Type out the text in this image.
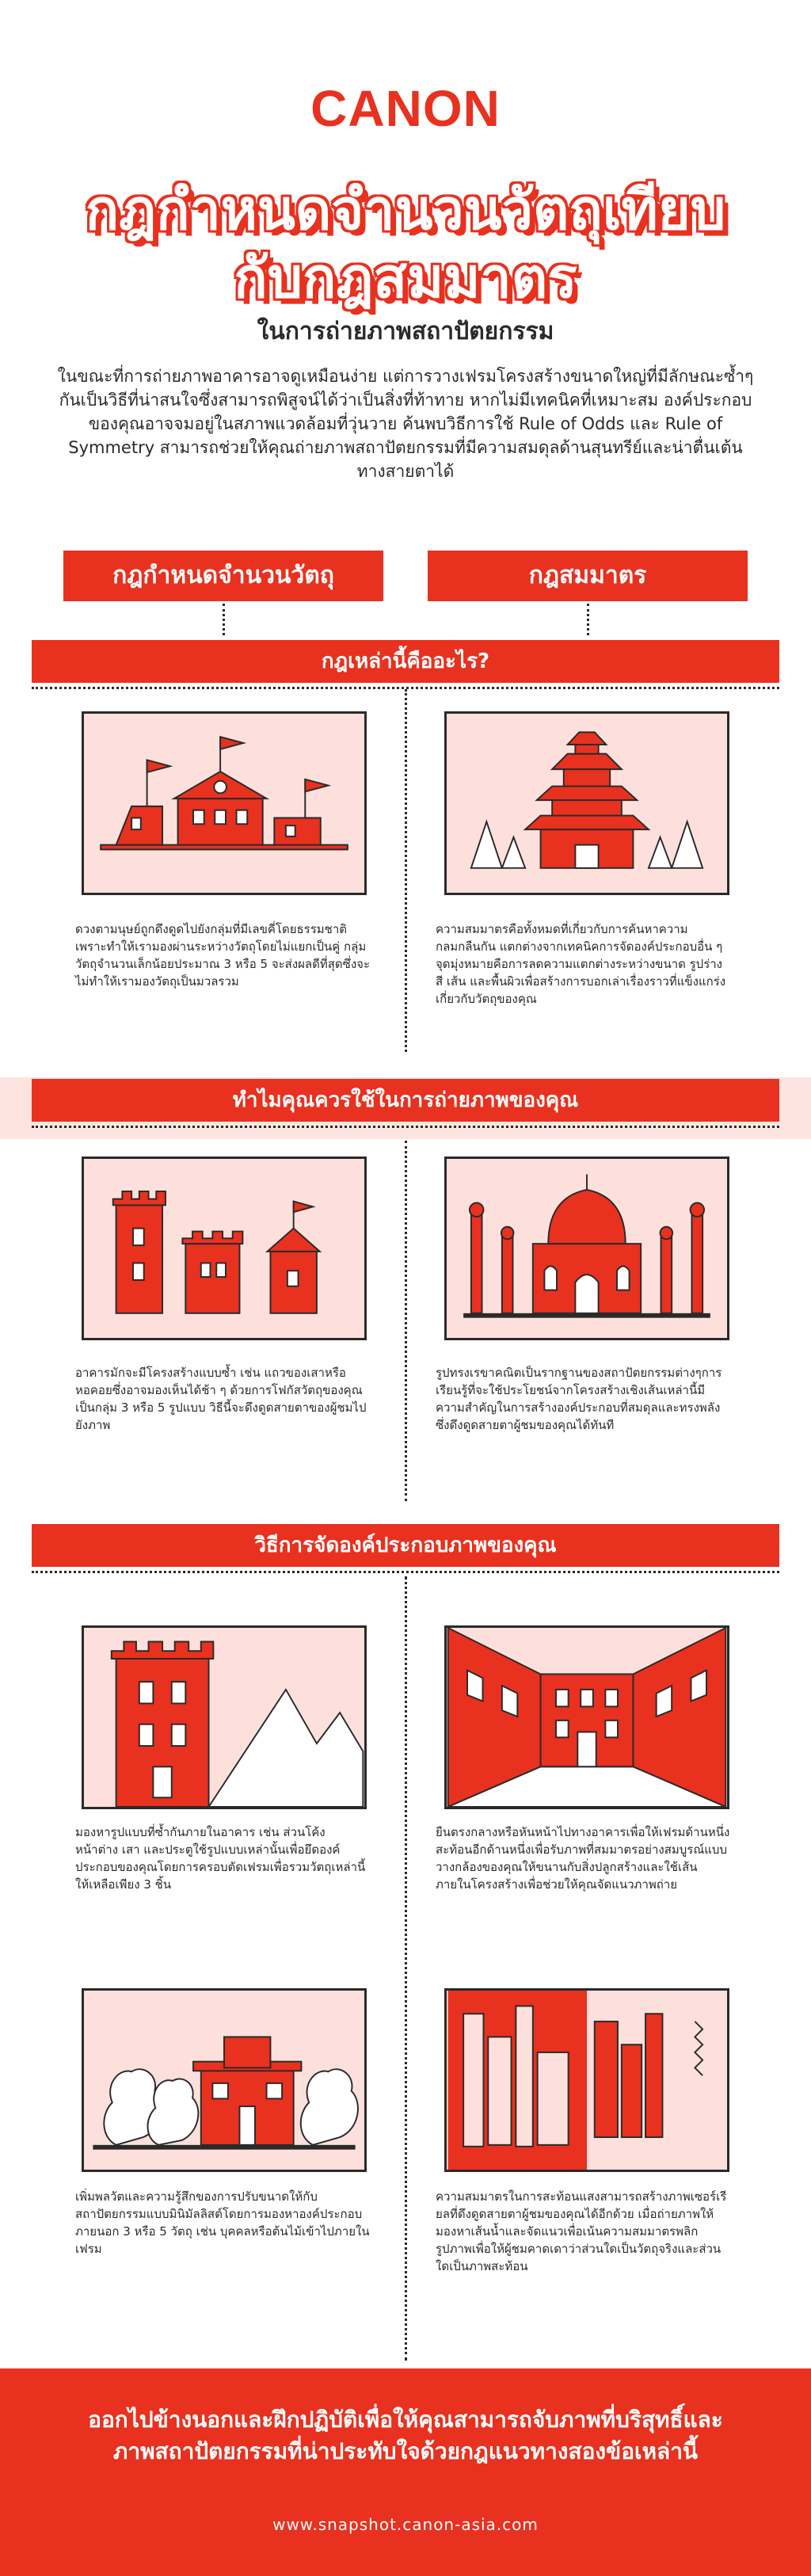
CANON
กฎกำหนดจำนวนวัตถุเทียบ
กับกฎสมมาตร
ในการถ่ายภาพสถาปัตยกรรม
ในขณะที่การถ่ายภาพอาคารอาจดูเหมือนง่าย แต่การวางเฟรมโครงสร้างขนาดใหญ่ที่มีลักษณะซ้ำๆ กันเป็นวิธีที่น่าสนใจซึ่งสามารถพิสูจน์ได้ว่าเป็นสิ่งที่ท้าทาย หากไม่มีเทคนิคที่เหมาะสม องค์ประกอบของคุณอาจจมอยู่ในสภาพแวดล้อมที่วุ่นวาย ค้นพบวิธีการใช้ Rule of Odds และ Rule of Symmetry สามารถช่วยให้คุณถ่ายภาพสถาปัตยกรรมที่มีความสมดุลด้านสุนทรีย์และน่าตื่นเต้นทางสายตาได้
กฎกำหนดจำนวนวัตถุ	กฎสมมาตร
กฎเหล่านี้คืออะไร?
ดวงตามนุษย์ถูกดึงดูดไปยังกลุ่มที่มีเลขคี่โดยธรรมชาติเพราะทำให้เรามองผ่านระหว่างวัตถุโดยไม่แยกเป็นคู่ กลุ่มวัตถุจำนวนเล็กน้อยประมาณ 3 หรือ 5 จะส่งผลดีที่สุดซึ่งจะไม่ทำให้เรามองวัตถุเป็นมวลรวม
ความสมมาตรคือทั้งหมดที่เกี่ยวกับการค้นหาความกลมกลืนกัน แตกต่างจากเทคนิคการจัดองค์ประกอบอื่น ๆ จุดมุ่งหมายคือการลดความแตกต่างระหว่างขนาด รูปร่าง สี เส้น และพื้นผิวเพื่อสร้างการบอกเล่าเรื่องราวที่แข็งแกร่งเกี่ยวกับวัตถุของคุณ
ทำไมคุณควรใช้ในการถ่ายภาพของคุณ
อาคารมักจะมีโครงสร้างแบบซ้ำ เช่น แถวของเสาหรือหอคอยซึ่งอาจมองเห็นได้ช้า ๆ ด้วยการโฟกัสวัตถุของคุณเป็นกลุ่ม 3 หรือ 5 รูปแบบ วิธีนี้จะดึงดูดสายตาของผู้ชมไปยังภาพ
รูปทรงเรขาคณิตเป็นรากฐานของสถาปัตยกรรมต่างๆการเรียนรู้ที่จะใช้ประโยชน์จากโครงสร้างเชิงเส้นเหล่านี้มีความสำคัญในการสร้างองค์ประกอบที่สมดุลและทรงพลังซึ่งดึงดูดสายตาผู้ชมของคุณได้ทันที
วิธีการจัดองค์ประกอบภาพของคุณ
มองหารูปแบบที่ซ้ำกันภายในอาคาร เช่น ส่วนโค้ง หน้าต่าง เสา และประตูใช้รูปแบบเหล่านั้นเพื่อยึดองค์ประกอบของคุณโดยการครอบตัดเฟรมเพื่อรวมวัตถุเหล่านี้ให้เหลือเพียง 3 ชิ้น
ยืนตรงกลางหรือหันหน้าไปทางอาคารเพื่อให้เฟรมด้านหนึ่งสะท้อนอีกด้านหนึ่งเพื่อรับภาพที่สมมาตรอย่างสมบูรณ์แบบวางกล้องของคุณให้ขนานกับสิ่งปลูกสร้างและใช้เส้นภายในโครงสร้างเพื่อช่วยให้คุณจัดแนวภาพถ่าย
เพิ่มพลวัตและความรู้สึกของการปรับขนาดให้กับสถาปัตยกรรมแบบมินิมัลลิสต์โดยการมองหาองค์ประกอบภายนอก 3 หรือ 5 วัตถุ เช่น บุคคลหรือต้นไม้เข้าไปภายในเฟรม
ความสมมาตรในการสะท้อนแสงสามารถสร้างภาพเซอร์เรียลที่ดึงดูดสายตาผู้ชมของคุณได้อีกด้วย เมื่อถ่ายภาพให้มองหาเส้นน้ำและจัดแนวเพื่อเน้นความสมมาตรพลิกรูปภาพเพื่อให้ผู้ชมคาดเดาว่าส่วนใดเป็นวัตถุจริงและส่วนใดเป็นภาพสะท้อน
ออกไปข้างนอกและฝึกปฏิบัติเพื่อให้คุณสามารถจับภาพที่บริสุทธิ์และภาพสถาปัตยกรรมที่น่าประทับใจด้วยกฎแนวทางสองข้อเหล่านี้
www.snapshot.canon-asia.com
